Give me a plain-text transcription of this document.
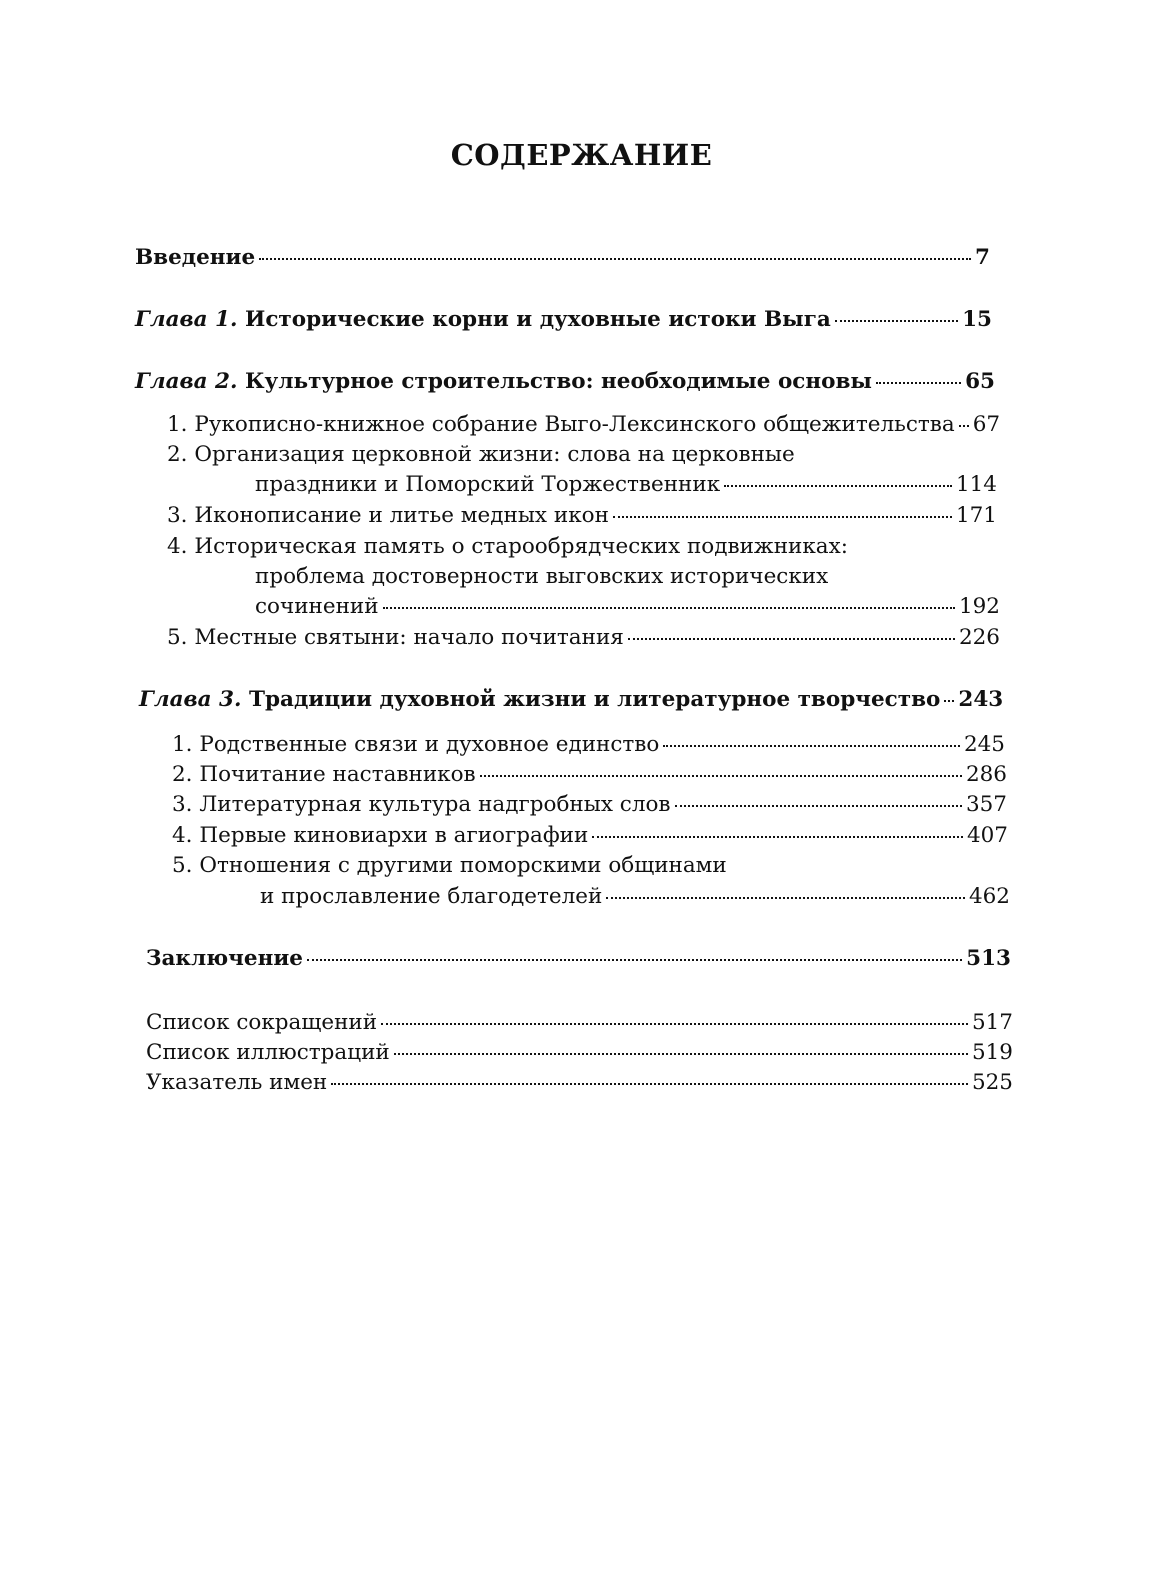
СОДЕРЖАНИЕ
Введение	7
Глава 1.
Исторические корни и духовные истоки Выга	15
Глава 2.
Культурное строительство: необходимые основы	65
1. Рукописно-книжное собрание Выго-Лексинского общежительства 67
2. Организация церковной жизни: слова на церковные
праздники и Поморский Торжественник	114
3. Иконописание и литье медных икон	171
4. Историческая память о старообрядческих подвижниках:
проблема достоверности выговских исторических
сочинений	192
5. Местные святыни: начало почитания	226
Глава 3.
Традиции духовной жизни и литературное творчество 243
1. Родственные связи и духовное единство	245
2. Почитание наставников	286
3. Литературная культура надгробных слов	357
4. Первые киновиархи в агиографии	407
5. Отношения с другими поморскими общинами
и прославление благодетелей	462
Заключение	513
Список сокращений	517
Список иллюстраций	519
Указатель имен	525
